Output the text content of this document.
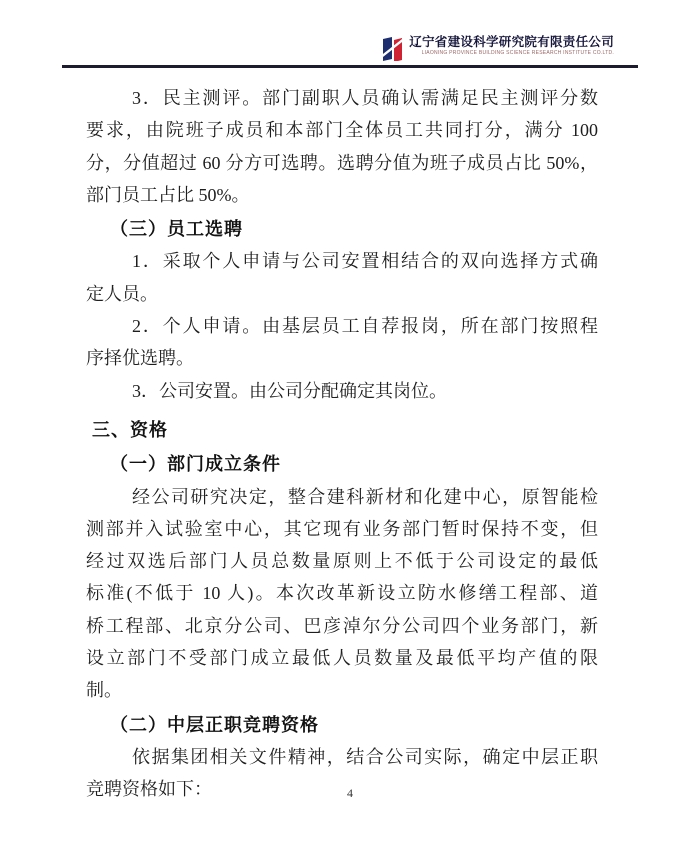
辽宁省建设科学研究院有限责任公司
LIAONING PROVINCE BUILDING SCIENCE RESEARCH INSTITUTE CO.LTD.
3．民主测评。部门副职人员确认需满足民主测评分数
要求，由院班子成员和本部门全体员工共同打分，满分 100
分，分值超过 60 分方可选聘。选聘分值为班子成员占比 50%，
部门员工占比 50%。
（三）员工选聘
1．采取个人申请与公司安置相结合的双向选择方式确
定人员。
2．个人申请。由基层员工自荐报岗，所在部门按照程
序择优选聘。
3．公司安置。由公司分配确定其岗位。
三、资格
（一）部门成立条件
经公司研究决定，整合建科新材和化建中心，原智能检
测部并入试验室中心，其它现有业务部门暂时保持不变，但
经过双选后部门人员总数量原则上不低于公司设定的最低
标准(不低于 10 人)。本次改革新设立防水修缮工程部、道
桥工程部、北京分公司、巴彦淖尔分公司四个业务部门，新
设立部门不受部门成立最低人员数量及最低平均产值的限
制。
（二）中层正职竞聘资格
依据集团相关文件精神，结合公司实际，确定中层正职
竞聘资格如下：	4
